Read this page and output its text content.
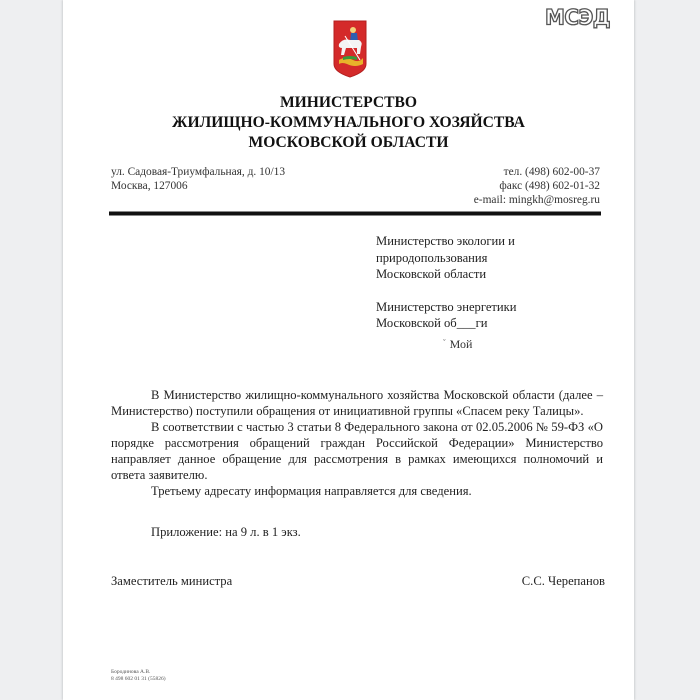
МСЭД
МИНИСТЕРСТВО
ЖИЛИЩНО-КОММУНАЛЬНОГО ХОЗЯЙСТВА
МОСКОВСКОЙ ОБЛАСТИ
ул. Садовая-Триумфальная, д. 10/13
Москва, 127006
тел. (498) 602-00-37
факс (498) 602-01-32
e-mail: mingkh@mosreg.ru
Министерство экологии и
природопользования
Московской области
Министерство энергетики
Московской об___ги
ˇ Мой

В Министерство жилищно-коммунального хозяйства Московской области (далее – Министерство) поступили обращения от инициативной группы «Спасем реку Талицы».

В соответствии с частью 3 статьи 8 Федерального закона от 02.05.2006 № 59-ФЗ «О порядке рассмотрения обращений граждан Российской Федерации» Министерство направляет данное обращение для рассмотрения в рамках имеющихся полномочий и ответа заявителю.

Третьему адресату информация направляется для сведения.

Приложение: на 9 л. в 1 экз.
Заместитель министра	С.С. Черепанов
Бородинова А.В.
8 498 602 01 31 (55826)
